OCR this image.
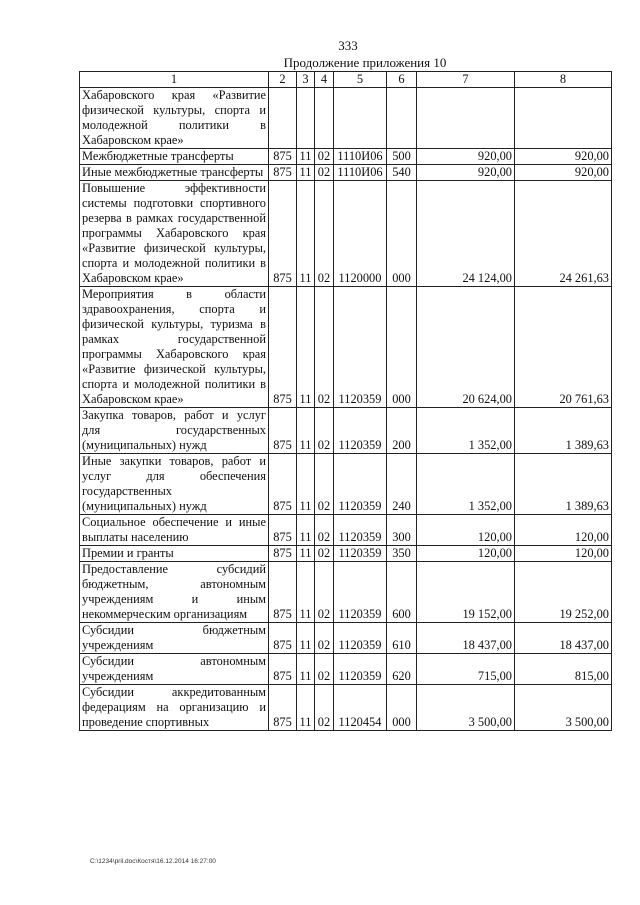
333
Продолжение приложения 10
1	2	3	4	5	6	7	8
Хабаровского края «Развитие физической культуры, спорта и молодежной политики в Хабаровском крае»							
Межбюджетные трансферты	875	11	02	1110И06	500	920,00	920,00
Иные межбюджетные трансферты	875	11	02	1110И06	540	920,00	920,00
Повышение эффективности системы подготовки спортивного резерва в рамках государственной программы Хабаровского края «Развитие физической культуры, спорта и молодежной политики в Хабаровском крае»	875	11	02	1120000	000	24 124,00	24 261,63
Мероприятия в области здравоохранения, спорта и физической культуры, туризма в рамках государственной программы Хабаровского края «Развитие физической культуры, спорта и молодежной политики в Хабаровском крае»	875	11	02	1120359	000	20 624,00	20 761,63
Закупка товаров, работ и услуг для государственных (муниципальных) нужд	875	11	02	1120359	200	1 352,00	1 389,63
Иные закупки товаров, работ и услуг для обеспечения государственных (муниципальных) нужд	875	11	02	1120359	240	1 352,00	1 389,63
Социальное обеспечение и иные выплаты населению	875	11	02	1120359	300	120,00	120,00
Премии и гранты	875	11	02	1120359	350	120,00	120,00
Предоставление субсидий бюджетным, автономным учреждениям и иным некоммерческим организациям	875	11	02	1120359	600	19 152,00	19 252,00
Субсидии бюджетным учреждениям	875	11	02	1120359	610	18 437,00	18 437,00
Субсидии автономным учреждениям	875	11	02	1120359	620	715,00	815,00
Субсидии аккредитованным федерациям на организацию и проведение спортивных	875	11	02	1120454	000	3 500,00	3 500,00
C:\1234\pril.doc\Костя\16.12.2014 16:27:00
